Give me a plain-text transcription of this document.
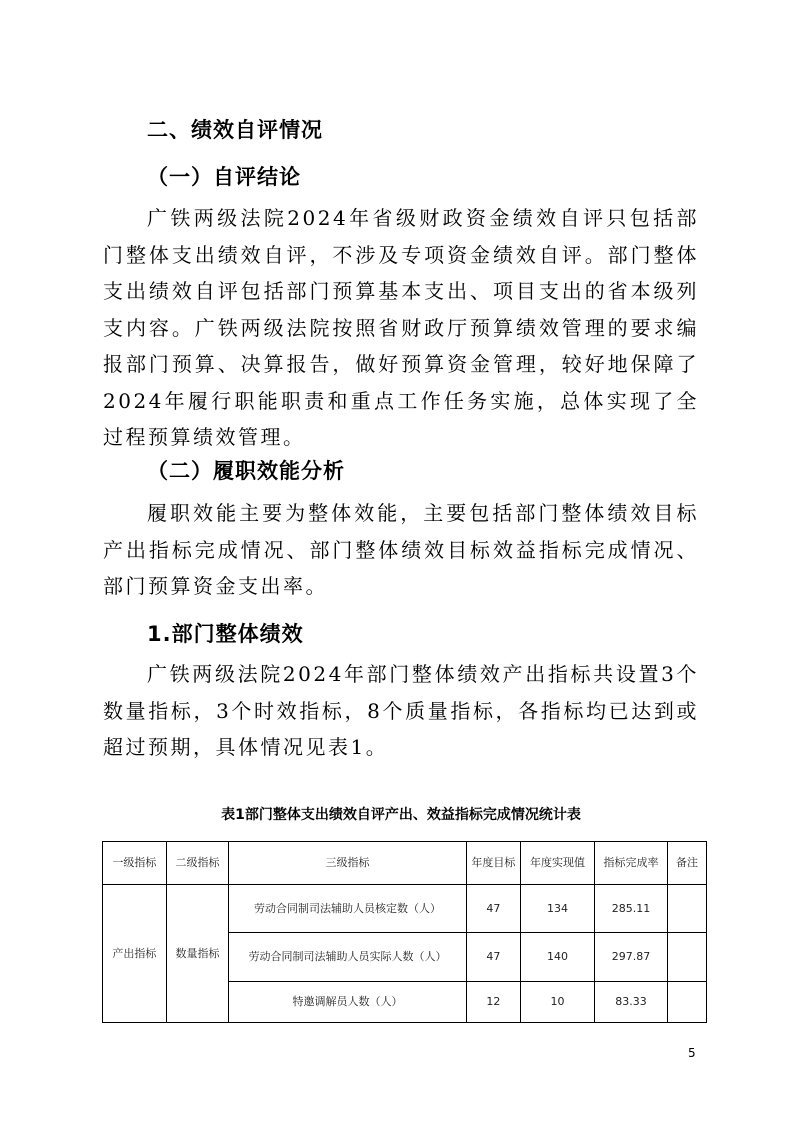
二、绩效自评情况
（一）自评结论
广铁两级法院2024年省级财政资金绩效自评只包括部门整体支出绩效自评，不涉及专项资金绩效自评。部门整体支出绩效自评包括部门预算基本支出、项目支出的省本级列支内容。广铁两级法院按照省财政厅预算绩效管理的要求编报部门预算、决算报告，做好预算资金管理，较好地保障了2024年履行职能职责和重点工作任务实施，总体实现了全过程预算绩效管理。
（二）履职效能分析
履职效能主要为整体效能，主要包括部门整体绩效目标产出指标完成情况、部门整体绩效目标效益指标完成情况、部门预算资金支出率。
1.部门整体绩效
广铁两级法院2024年部门整体绩效产出指标共设置3个数量指标，3个时效指标，8个质量指标，各指标均已达到或超过预期，具体情况见表1。
表1部门整体支出绩效自评产出、效益指标完成情况统计表
一级指标	二级指标	三级指标	年度目标	年度实现值	指标完成率	备注
产出指标	数量指标	劳动合同制司法辅助人员核定数（人）	47	134	285.11	
		劳动合同制司法辅助人员实际人数（人）	47	140	297.87	
		特邀调解员人数（人）	12	10	83.33	
5
